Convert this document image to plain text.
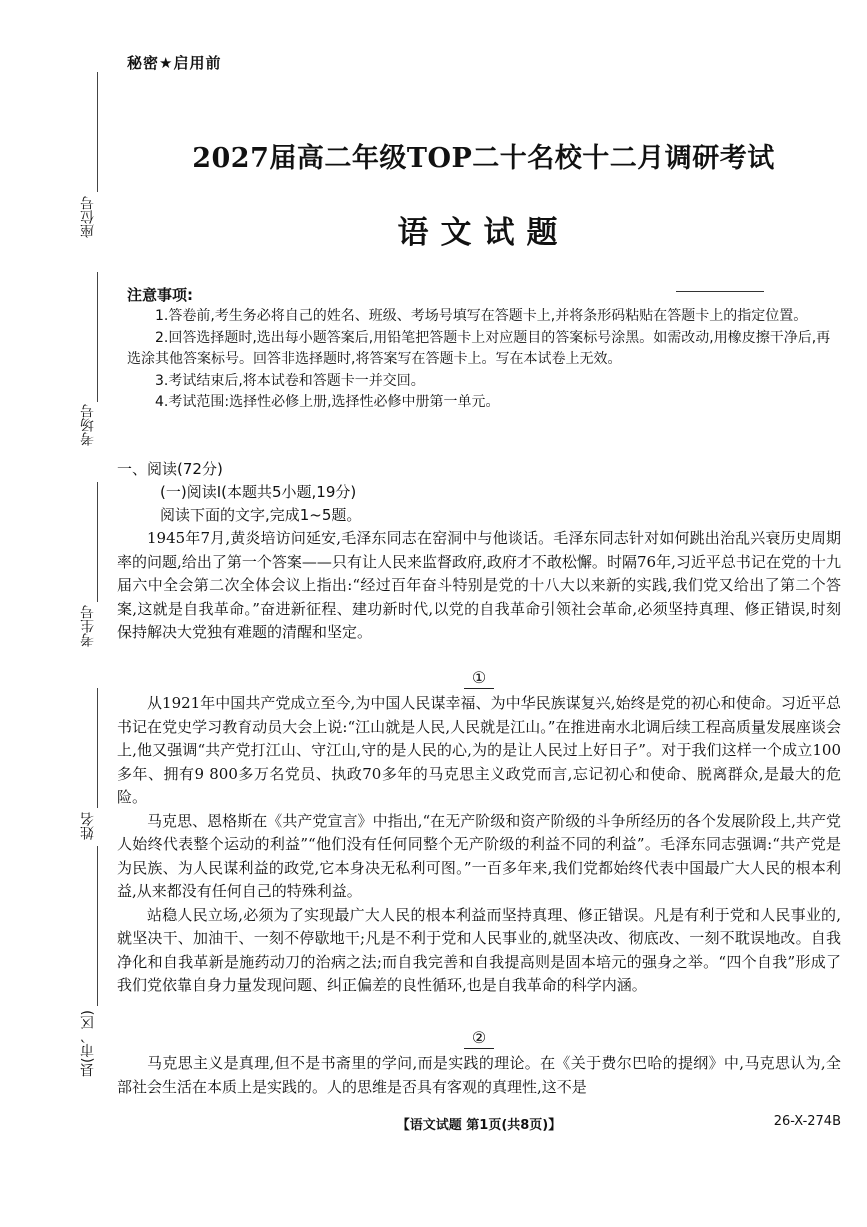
秘密★启用前
2027届高二年级TOP二十名校十二月调研考试
语文试题
座位号
考场号
考生号
姓名
县(市、区)
注意事项:

1.答卷前,考生务必将自己的姓名、班级、考场号填写在答题卡上,并将条形码粘贴在答题卡上的指定位置。

2.回答选择题时,选出每小题答案后,用铅笔把答题卡上对应题目的答案标号涂黑。如需改动,用橡皮擦干净后,再选涂其他答案标号。回答非选择题时,将答案写在答题卡上。写在本试卷上无效。

3.考试结束后,将本试卷和答题卡一并交回。

4.考试范围:选择性必修上册,选择性必修中册第一单元。

一、阅读(72分)
(一)阅读Ⅰ(本题共5小题,19分)
阅读下面的文字,完成1~5题。

1945年7月,黄炎培访问延安,毛泽东同志在窑洞中与他谈话。毛泽东同志针对如何跳出治乱兴衰历史周期率的问题,给出了第一个答案——只有让人民来监督政府,政府才不敢松懈。时隔76年,习近平总书记在党的十九届六中全会第二次全体会议上指出:“经过百年奋斗特别是党的十八大以来新的实践,我们党又给出了第二个答案,这就是自我革命。”奋进新征程、建功新时代,以党的自我革命引领社会革命,必须坚持真理、修正错误,时刻保持解决大党独有难题的清醒和坚定。

①

从1921年中国共产党成立至今,为中国人民谋幸福、为中华民族谋复兴,始终是党的初心和使命。习近平总书记在党史学习教育动员大会上说:“江山就是人民,人民就是江山。”在推进南水北调后续工程高质量发展座谈会上,他又强调“共产党打江山、守江山,守的是人民的心,为的是让人民过上好日子”。对于我们这样一个成立100多年、拥有9 800多万名党员、执政70多年的马克思主义政党而言,忘记初心和使命、脱离群众,是最大的危险。

马克思、恩格斯在《共产党宣言》中指出,“在无产阶级和资产阶级的斗争所经历的各个发展阶段上,共产党人始终代表整个运动的利益”“他们没有任何同整个无产阶级的利益不同的利益”。毛泽东同志强调:“共产党是为民族、为人民谋利益的政党,它本身决无私利可图。”一百多年来,我们党都始终代表中国最广大人民的根本利益,从来都没有任何自己的特殊利益。

站稳人民立场,必须为了实现最广大人民的根本利益而坚持真理、修正错误。凡是有利于党和人民事业的,就坚决干、加油干、一刻不停歇地干;凡是不利于党和人民事业的,就坚决改、彻底改、一刻不耽误地改。自我净化和自我革新是施药动刀的治病之法;而自我完善和自我提高则是固本培元的强身之举。“四个自我”形成了我们党依靠自身力量发现问题、纠正偏差的良性循环,也是自我革命的科学内涵。

②

马克思主义是真理,但不是书斋里的学问,而是实践的理论。在《关于费尔巴哈的提纲》中,马克思认为,全部社会生活在本质上是实践的。人的思维是否具有客观的真理性,这不是

【语文试题 第1页(共8页)】	26-X-274B
